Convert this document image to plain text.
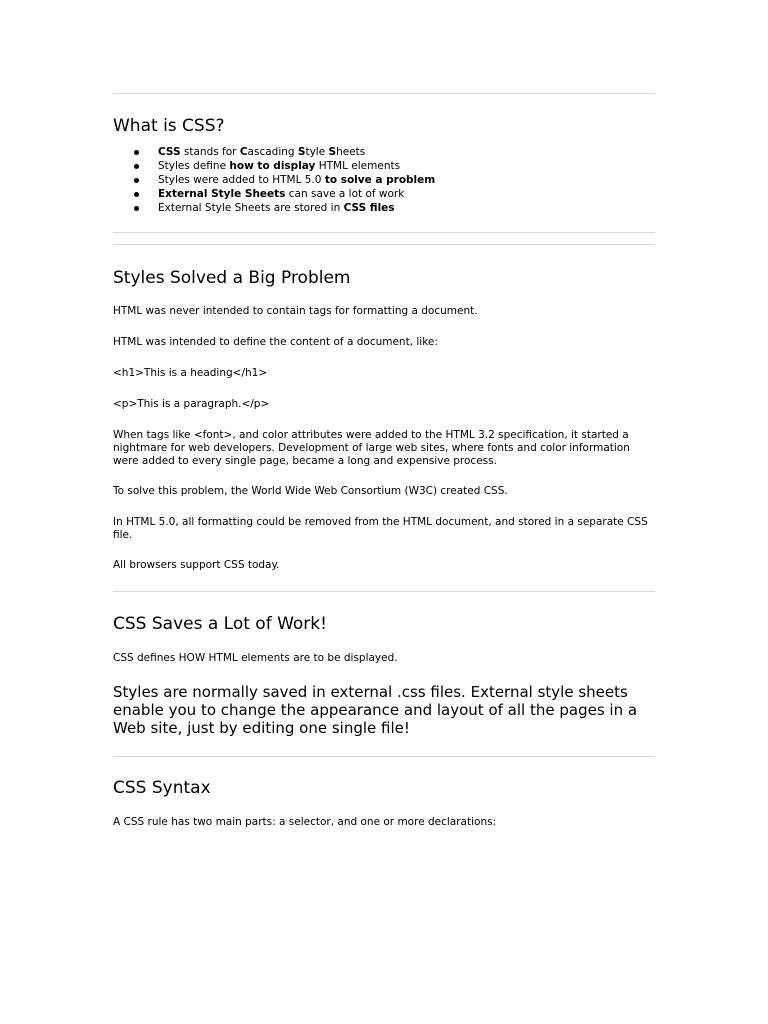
What is CSS?
CSS stands for Cascading Style Sheets
Styles define how to display HTML elements
Styles were added to HTML 5.0 to solve a problem
External Style Sheets can save a lot of work
External Style Sheets are stored in CSS files
Styles Solved a Big Problem

HTML was never intended to contain tags for formatting a document.

HTML was intended to define the content of a document, like:

<h1>This is a heading</h1>

<p>This is a paragraph.</p>

When tags like <font>, and color attributes were added to the HTML 3.2 specification, it started a nightmare for web developers. Development of large web sites, where fonts and color information were added to every single page, became a long and expensive process.

To solve this problem, the World Wide Web Consortium (W3C) created CSS.

In HTML 5.0, all formatting could be removed from the HTML document, and stored in a separate CSS file.

All browsers support CSS today.

CSS Saves a Lot of Work!

CSS defines HOW HTML elements are to be displayed.

Styles are normally saved in external .css files. External style sheets enable you to change the appearance and layout of all the pages in a Web site, just by editing one single file!

CSS Syntax

A CSS rule has two main parts: a selector, and one or more declarations:
